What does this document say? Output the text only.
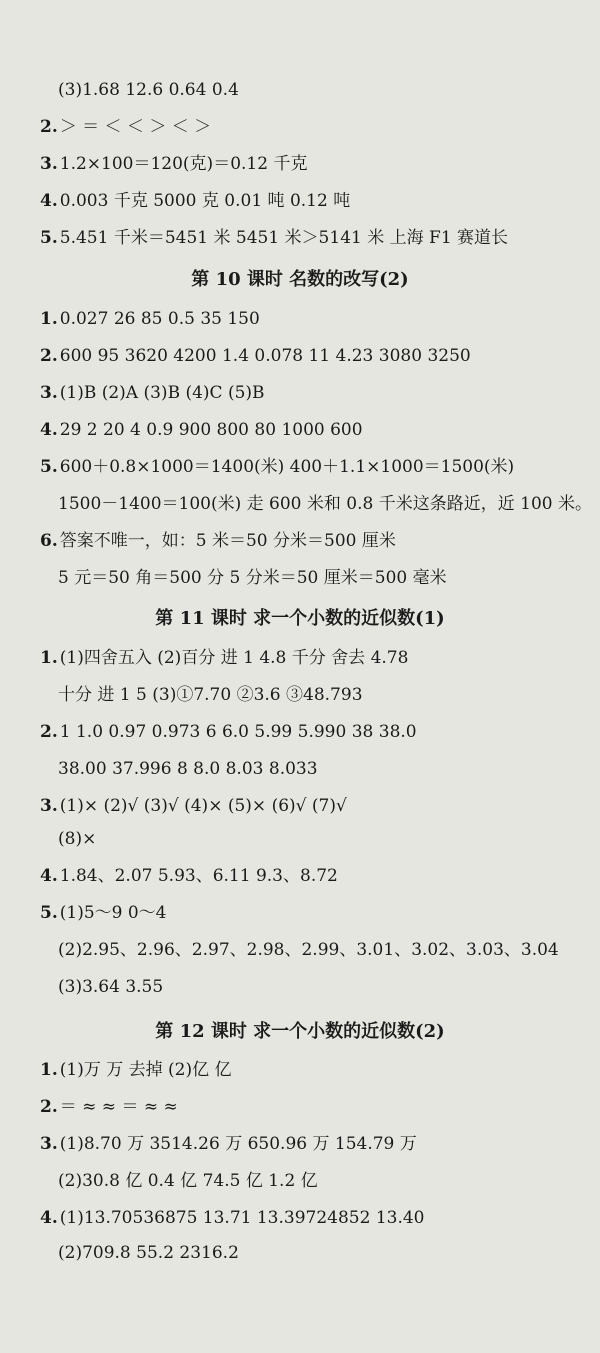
(3)1.68 12.6 0.64 0.4
2. ＞ ＝ ＜ ＜ ＞ ＜ ＞
3. 1.2×100＝120(克)＝0.12 千克
4. 0.003 千克 5000 克 0.01 吨 0.12 吨
5. 5.451 千米＝5451 米 5451 米＞5141 米 上海 F1 赛道长
第 10 课时 名数的改写(2)
1. 0.027 26 85 0.5 35 150
2. 600 95 3620 4200 1.4 0.078 11 4.23 3080 3250
3. (1)B (2)A (3)B (4)C (5)B
4. 29 2 20 4 0.9 900 800 80 1000 600
5. 600＋0.8×1000＝1400(米) 400＋1.1×1000＝1500(米)
1500－1400＝100(米) 走 600 米和 0.8 千米这条路近，近 100 米。
6. 答案不唯一，如：5 米＝50 分米＝500 厘米
5 元＝50 角＝500 分 5 分米＝50 厘米＝500 毫米
第 11 课时 求一个小数的近似数(1)
1. (1)四舍五入 (2)百分 进 1 4.8 千分 舍去 4.78
十分 进 1 5 (3)①7.70 ②3.6 ③48.793
2. 1 1.0 0.97 0.973 6 6.0 5.99 5.990 38 38.0
38.00 37.996 8 8.0 8.03 8.033
3. (1)× (2)√ (3)√ (4)× (5)× (6)√ (7)√
(8)×
4. 1.84、2.07 5.93、6.11 9.3、8.72
5. (1)5～9 0～4
(2)2.95、2.96、2.97、2.98、2.99、3.01、3.02、3.03、3.04
(3)3.64 3.55
第 12 课时 求一个小数的近似数(2)
1. (1)万 万 去掉 (2)亿 亿
2. ＝ ≈ ≈ ＝ ≈ ≈
3. (1)8.70 万 3514.26 万 650.96 万 154.79 万
(2)30.8 亿 0.4 亿 74.5 亿 1.2 亿
4. (1)13.70536875 13.71 13.39724852 13.40
(2)709.8 55.2 2316.2
